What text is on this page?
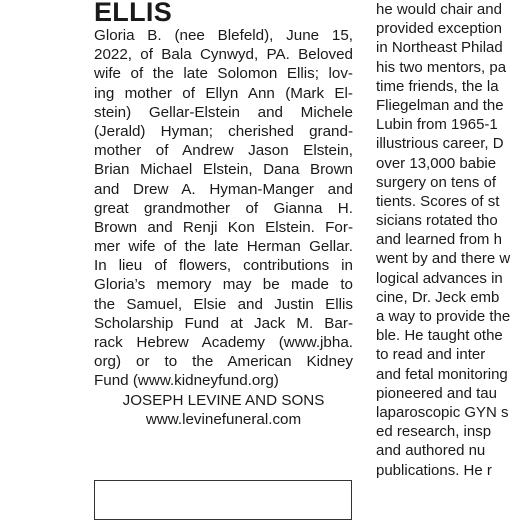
ELLIS
Gloria B. (nee Blefeld), June 15,
2022, of Bala Cynwyd, PA. Beloved
wife of the late Solomon Ellis; lov-
ing mother of Ellyn Ann (Mark El-
stein) Gellar-Elstein and Michele
(Jerald) Hyman; cherished grand-
mother of Andrew Jason Elstein,
Brian Michael Elstein, Dana Brown
and Drew A. Hyman-Manger and
great grandmother of Gianna H.
Brown and Renji Kon Elstein. For-
mer wife of the late Herman Gellar.
In lieu of flowers, contributions in
Gloria’s memory may be made to
the Samuel, Elsie and Justin Ellis
Scholarship Fund at Jack M. Bar-
rack Hebrew Academy (www.jbha.
org) or to the American Kidney
Fund (www.kidneyfund.org)
JOSEPH LEVINE AND SONS
www.levinefuneral.com
he would chair and
provided exception
in Northeast Philad
his two mentors, pa
time friends, the la
Fliegelman and the
Lubin from 1965-1
illustrious career, D
over 13,000 babie
surgery on tens of
tients. Scores of st
sicians rotated tho
and learned from h
went by and there w
logical advances in
cine, Dr. Jeck emb
a way to provide the
ble. He taught othe
to read and inter
and fetal monitoring
pioneered and tau
laparoscopic GYN s
ed research, insp
and authored nu
publications. He r
